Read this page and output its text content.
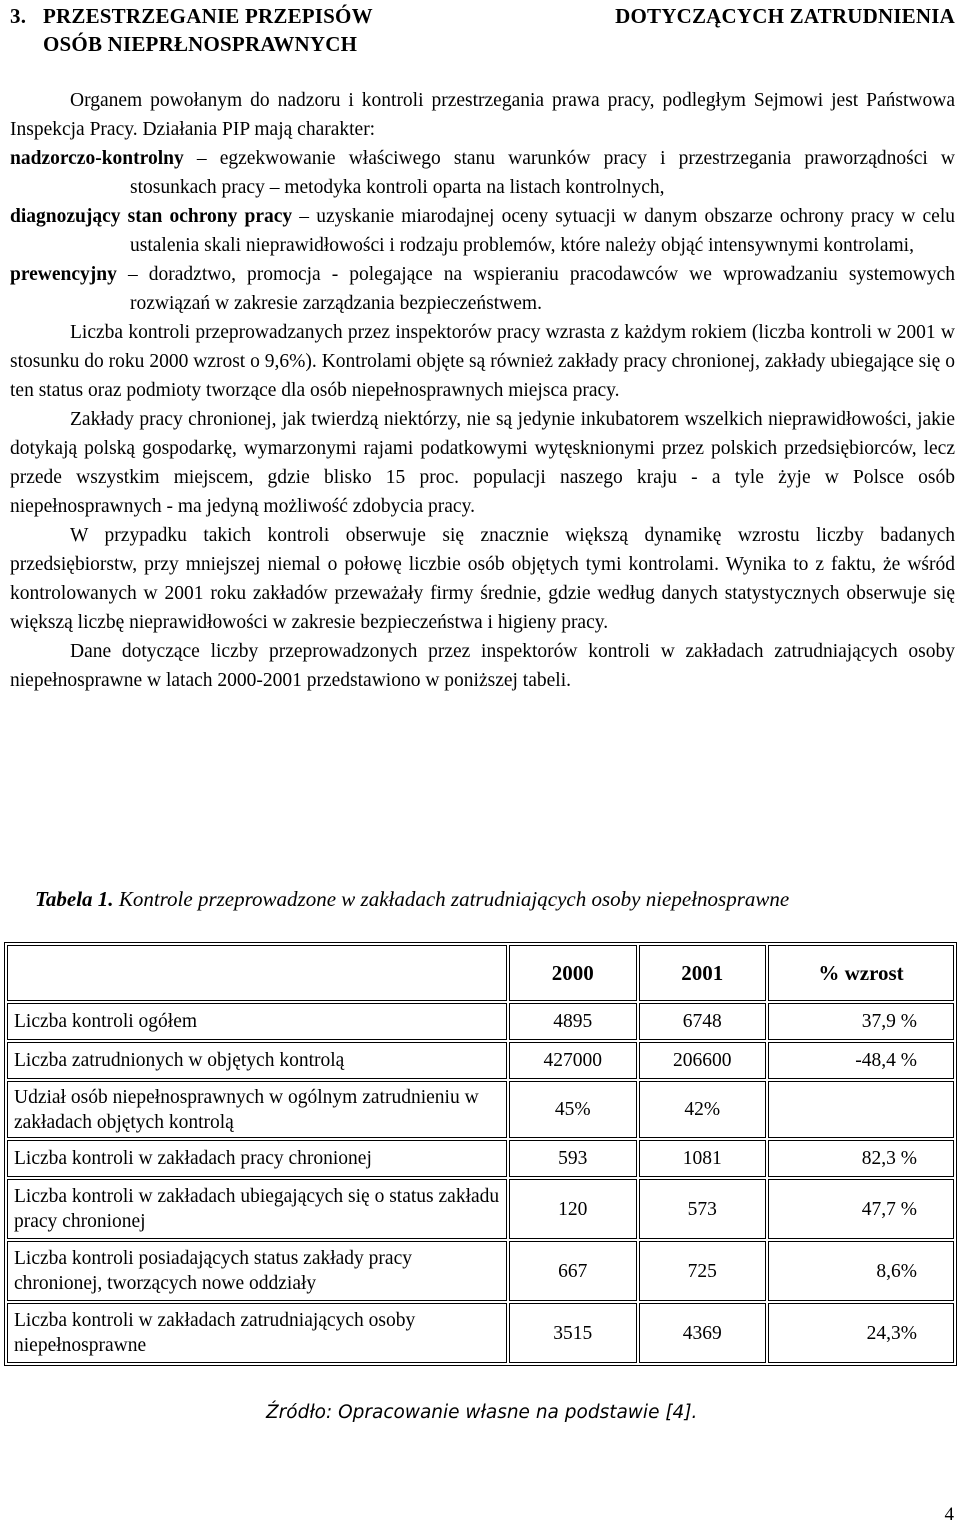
3. PRZESTRZEGANIE PRZEPISÓW	DOTYCZĄCYCH ZATRUDNIENIA
OSÓB NIEPRŁNOSPRAWNYCH

Organem powołanym do nadzoru i kontroli przestrzegania prawa pracy, podległym Sejmowi jest Państwowa Inspekcja Pracy. Działania PIP mają charakter:

nadzorczo-kontrolny – egzekwowanie właściwego stanu warunków pracy i przestrzegania praworządności w stosunkach pracy – metodyka kontroli oparta na listach kontrolnych,

diagnozujący stan ochrony pracy – uzyskanie miarodajnej oceny sytuacji w danym obszarze ochrony pracy w celu ustalenia skali nieprawidłowości i rodzaju problemów, które należy objąć intensywnymi kontrolami,

prewencyjny – doradztwo, promocja - polegające na wspieraniu pracodawców we wprowadzaniu systemowych rozwiązań w zakresie zarządzania bezpieczeństwem.

Liczba kontroli przeprowadzanych przez inspektorów pracy wzrasta z każdym rokiem (liczba kontroli w 2001 w stosunku do roku 2000 wzrost o 9,6%). Kontrolami objęte są również zakłady pracy chronionej, zakłady ubiegające się o ten status oraz podmioty tworzące dla osób niepełnosprawnych miejsca pracy.

Zakłady pracy chronionej, jak twierdzą niektórzy, nie są jedynie inkubatorem wszelkich nieprawidłowości, jakie dotykają polską gospodarkę, wymarzonymi rajami podatkowymi wytęsknionymi przez polskich przedsiębiorców, lecz przede wszystkim miejscem, gdzie blisko 15 proc. populacji naszego kraju - a tyle żyje w Polsce osób niepełnosprawnych - ma jedyną możliwość zdobycia pracy.

W przypadku takich kontroli obserwuje się znacznie większą dynamikę wzrostu liczby badanych przedsiębiorstw, przy mniejszej niemal o połowę liczbie osób objętych tymi kontrolami. Wynika to z faktu, że wśród kontrolowanych w 2001 roku zakładów przeważały firmy średnie, gdzie według danych statystycznych obserwuje się większą liczbę nieprawidłowości w zakresie bezpieczeństwa i higieny pracy.

Dane dotyczące liczby przeprowadzonych przez inspektorów kontroli w zakładach zatrudniających osoby niepełnosprawne w latach 2000-2001 przedstawiono w poniższej tabeli.

Tabela 1. Kontrole przeprowadzone w zakładach zatrudniających osoby niepełnosprawne
	2000	2001	% wzrost
Liczba kontroli ogółem	4895	6748	37,9 %
Liczba zatrudnionych w objętych kontrolą	427000	206600	-48,4 %
Udział osób niepełnosprawnych w ogólnym zatrudnieniu w zakładach objętych kontrolą	45%	42%	
Liczba kontroli w zakładach pracy chronionej	593	1081	82,3 %
Liczba kontroli w zakładach ubiegających się o status zakładu pracy chronionej	120	573	47,7 %
Liczba kontroli posiadających status zakłady pracy chronionej, tworzących nowe oddziały	667	725	8,6%
Liczba kontroli w zakładach zatrudniających osoby niepełnosprawne	3515	4369	24,3%
Źródło: Opracowanie własne na podstawie [4].
4
